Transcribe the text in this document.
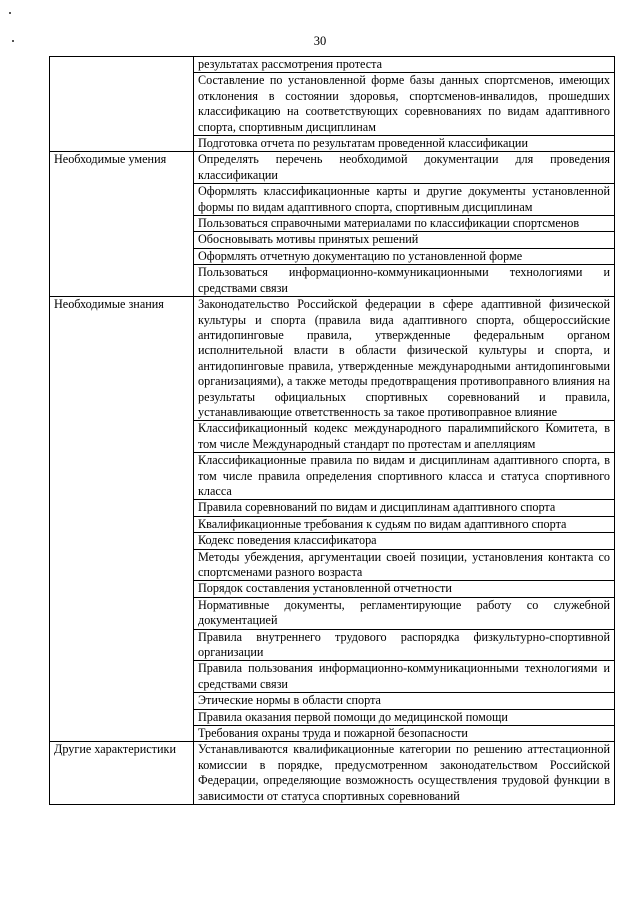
30
	результатах рассмотрения протеста
	Составление по установленной форме базы данных спортсменов, имеющих отклонения в состоянии здоровья, спортсменов-инвалидов, прошедших классификацию на соответствующих соревнованиях по видам адаптивного спорта, спортивным дисциплинам
	Подготовка отчета по результатам проведенной классификации
Необходимые умения	Определять перечень необходимой документации для проведения классификации
	Оформлять классификационные карты и другие документы установленной формы по видам адаптивного спорта, спортивным дисциплинам
	Пользоваться справочными материалами по классификации спортсменов
	Обосновывать мотивы принятых решений
	Оформлять отчетную документацию по установленной форме
	Пользоваться информационно-коммуникационными технологиями и средствами связи
Необходимые знания	Законодательство Российской федерации в сфере адаптивной физической культуры и спорта (правила вида адаптивного спорта, общероссийские антидопинговые правила, утвержденные федеральным органом исполнительной власти в области физической культуры и спорта, и антидопинговые правила, утвержденные международными антидопинговыми организациями), а также методы предотвращения противоправного влияния на результаты официальных спортивных соревнований и правила, устанавливающие ответственность за такое противоправное влияние
	Классификационный кодекс международного паралимпийского Комитета, в том числе Международный стандарт по протестам и апелляциям
	Классификационные правила по видам и дисциплинам адаптивного спорта, в том числе правила определения спортивного класса и статуса спортивного класса
	Правила соревнований по видам и дисциплинам адаптивного спорта
	Квалификационные требования к судьям по видам адаптивного спорта
	Кодекс поведения классификатора
	Методы убеждения, аргументации своей позиции, установления контакта со спортсменами разного возраста
	Порядок составления установленной отчетности
	Нормативные документы, регламентирующие работу со служебной документацией
	Правила внутреннего трудового распорядка физкультурно-спортивной организации
	Правила пользования информационно-коммуникационными технологиями и средствами связи
	Этические нормы в области спорта
	Правила оказания первой помощи до медицинской помощи
	Требования охраны труда и пожарной безопасности
Другие характеристики	Устанавливаются квалификационные категории по решению аттестационной комиссии в порядке, предусмотренном законодательством Российской Федерации, определяющие возможность осуществления трудовой функции в зависимости от статуса спортивных соревнований
